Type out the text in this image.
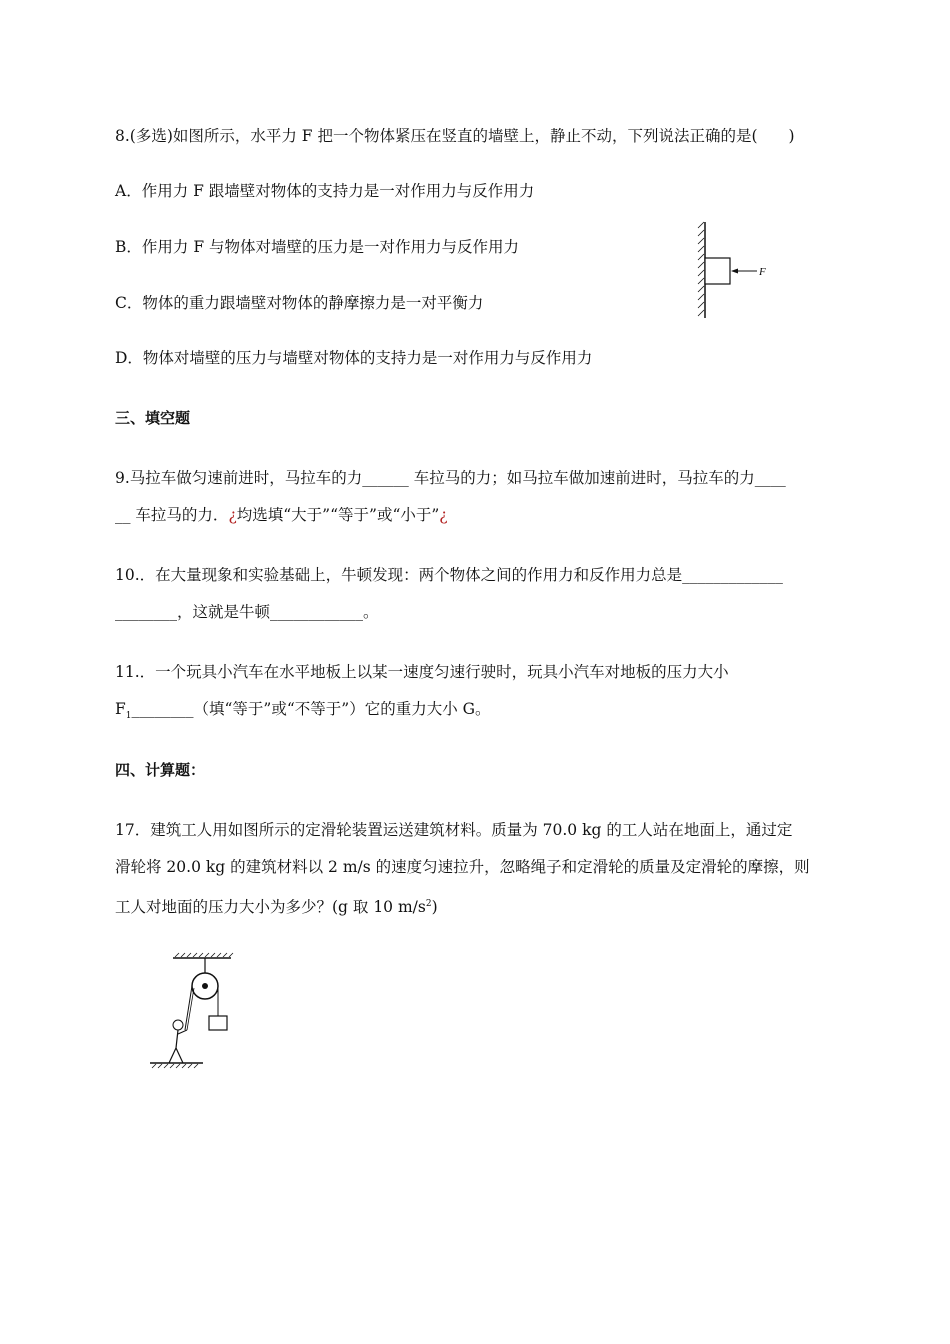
8.(多选)如图所示，水平力 F 把一个物体紧压在竖直的墙壁上，静止不动，下列说法正确的是(　　)
A．作用力 F 跟墙壁对物体的支持力是一对作用力与反作用力
B．作用力 F 与物体对墙壁的压力是一对作用力与反作用力
C．物体的重力跟墙壁对物体的静摩擦力是一对平衡力
D．物体对墙壁的压力与墙壁对物体的支持力是一对作用力与反作用力
F
三、填空题
9.马拉车做匀速前进时，马拉车的力______ 车拉马的力；如马拉车做加速前进时，马拉车的力____
__ 车拉马的力．¿均选填“大于”“等于”或“小于”¿
10.．在大量现象和实验基础上，牛顿发现：两个物体之间的作用力和反作用力总是_____________
________，这就是牛顿____________。
11.．一个玩具小汽车在水平地板上以某一速度匀速行驶时，玩具小汽车对地板的压力大小
$F_1\_\_\_\_\_\_\_\_$（填“等于”或“不等于”）它的重力大小 G。
四、计算题：
17．建筑工人用如图所示的定滑轮装置运送建筑材料。质量为 70.0 kg 的工人站在地面上，通过定
滑轮将 20.0 kg 的建筑材料以 2 m/s 的速度匀速拉升，忽略绳子和定滑轮的质量及定滑轮的摩擦，则
工人对地面的压力大小为多少？(g 取 10 $m/s^2$)
